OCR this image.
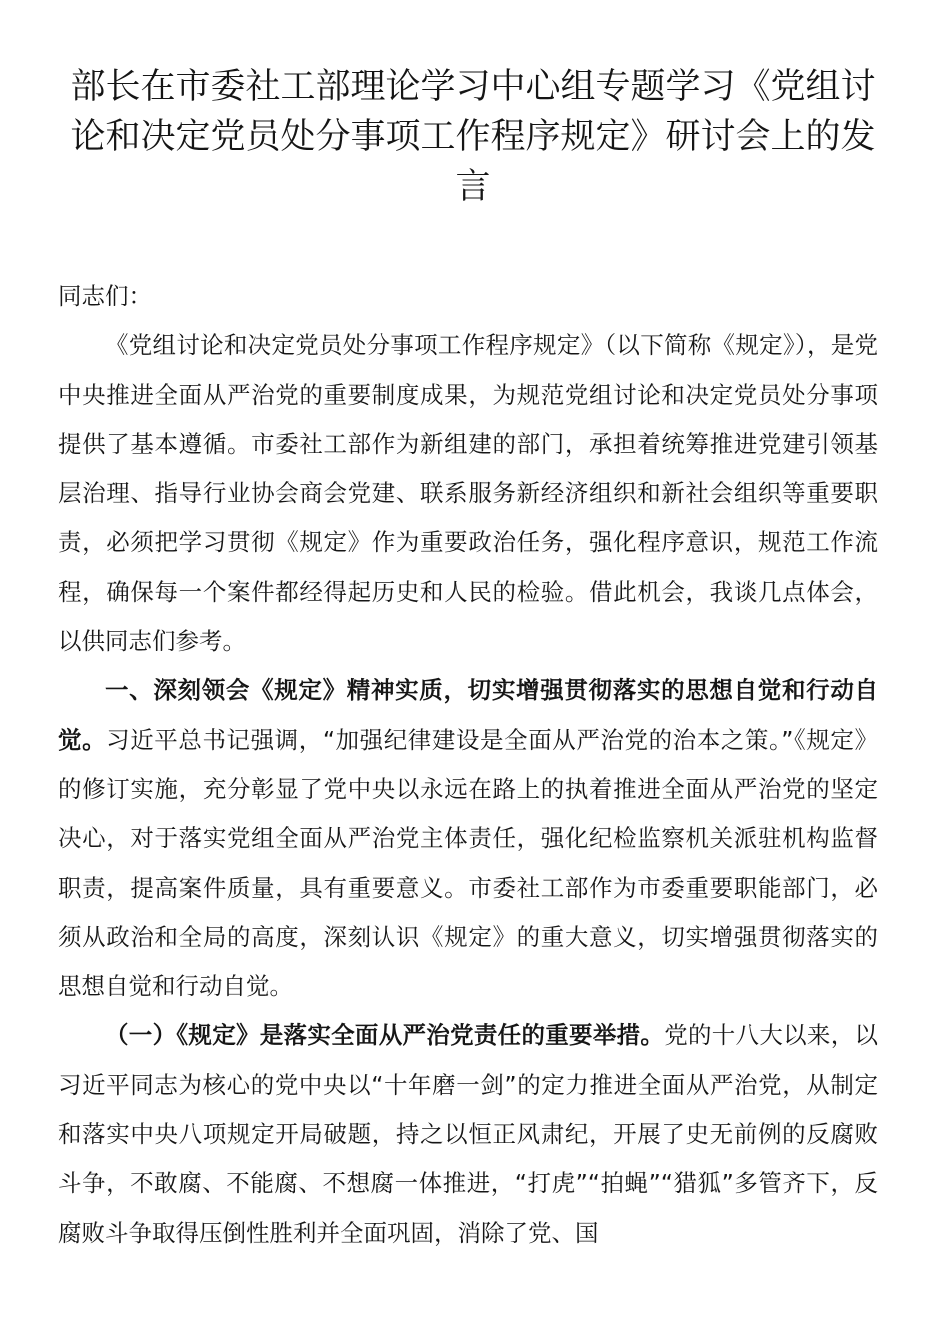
部长在市委社工部理论学习中心组专题学习《党组讨论和决定党员处分事项工作程序规定》研讨会上的发言

同志们：

《党组讨论和决定党员处分事项工作程序规定》（以下简称《规定》），是党中央推进全面从严治党的重要制度成果，为规范党组讨论和决定党员处分事项提供了基本遵循。市委社工部作为新组建的部门，承担着统筹推进党建引领基层治理、指导行业协会商会党建、联系服务新经济组织和新社会组织等重要职责，必须把学习贯彻《规定》作为重要政治任务，强化程序意识，规范工作流程，确保每一个案件都经得起历史和人民的检验。借此机会，我谈几点体会，以供同志们参考。

一、深刻领会《规定》精神实质，切实增强贯彻落实的思想自觉和行动自觉。习近平总书记强调，“加强纪律建设是全面从严治党的治本之策。”《规定》的修订实施，充分彰显了党中央以永远在路上的执着推进全面从严治党的坚定决心，对于落实党组全面从严治党主体责任，强化纪检监察机关派驻机构监督职责，提高案件质量，具有重要意义。市委社工部作为市委重要职能部门，必须从政治和全局的高度，深刻认识《规定》的重大意义，切实增强贯彻落实的思想自觉和行动自觉。

（一）《规定》是落实全面从严治党责任的重要举措。党的十八大以来，以习近平同志为核心的党中央以“十年磨一剑”的定力推进全面从严治党，从制定和落实中央八项规定开局破题，持之以恒正风肃纪，开展了史无前例的反腐败斗争，不敢腐、不能腐、不想腐一体推进，“打虎”“拍蝇”“猎狐”多管齐下，反腐败斗争取得压倒性胜利并全面巩固，消除了党、国
